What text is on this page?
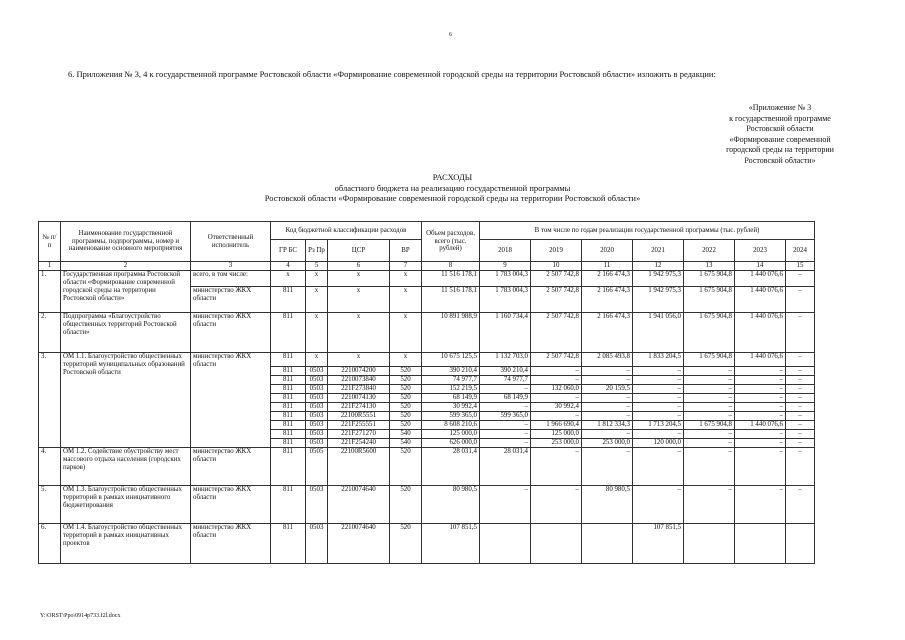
6
6. Приложения № 3, 4 к государственной программе Ростовской области «Формирование современной городской среды на территории Ростовской области» изложить в редакции:
«Приложение № 3
к государственной программе
Ростовской области
«Формирование современной
городской среды на территории
Ростовской области»
РАСХОДЫ
областного бюджета на реализацию государственной программы
Ростовской области «Формирование современной городской среды на территории Ростовской области»
№ п/п	Наименование государственной программы, подпрограммы, номер и наименование основного мероприятия	Ответственный исполнитель	Код бюджетной классификации расходов				Объем расходов, всего (тыс. рублей)	В том числе по годам реализации государственной программы (тыс. рублей)						
			ГР БС	Рз Пр	ЦСР	ВР		2018	2019	2020	2021	2022	2023	2024
1	2	3	4	5	6	7	8	9	10	11	12	13	14	15
1.	Государственная программа Ростовской области «Формирование современной городской среды на территории Ростовской области»	всего, в том числе:	х	х	х	х	11 516 178,1	1 783 004,3	2 507 742,8	2 166 474,3	1 942 975,3	1 675 904,8	1 440 076,6	–
		министерство ЖКХ области	811	х	х	х	11 516 178,1	1 783 004,3	2 507 742,8	2 166 474,3	1 942 975,3	1 675 904,8	1 440 076,6	–
2.	Подпрограмма «Благоустройство общественных территорий Ростовской области»	министерство ЖКХ области	811	х	х	х	10 891 988,9	1 160 734,4	2 507 742,8	2 166 474,3	1 941 056,0	1 675 904,8	1 440 076,6	–
3.	ОМ 1.1. Благоустройство общественных территорий муниципальных образований Ростовской области	министерство ЖКХ области	811	х	х	х	10 675 125,5	1 132 703,0	2 507 742,8	2 085 493,8	1 833 204,5	1 675 904,8	1 440 076,6	–
			811	0503	2210074200	520	390 210,4	390 210,4	–	–	–	–	–	–
			811	0503	2210073840	520	74 977,7	74 977,7	–	–	–	–	–	–
			811	0503	221F273840	520	152 219,5	–	132 060,0	20 159,5	–	–	–	–
			811	0503	2210074130	520	68 149,9	68 149,9	–	–	–	–	–	–
			811	0503	221F274130	520	30 992,4	–	30 992,4	–	–	–	–	–
			811	0503	22100R5551	520	599 365,0	599 365,0	–	–	–	–	–	–
			811	0503	221F255551	520	8 608 210,6	–	1 966 690,4	1 812 334,3	1 713 204,5	1 675 904,8	1 440 076,6	–
			811	0503	221F271270	540	125 000,0	–	125 000,0	–	–	–	–	–
			811	0503	221F254240	540	626 000,0	–	253 000,0	253 000,0	120 000,0	–	–	–
4.	ОМ 1.2. Содействие обустройству мест массового отдыха населения (городских парков)	министерство ЖКХ области	811	0505	22100R5600	520	28 031,4	28 031,4	–	–	–	–	–	–
5.	ОМ 1.3. Благоустройство общественных территорий в рамках инициативного бюджетирования	министерство ЖКХ области	811	0503	2210074640	520	80 980,5	–	–	80 980,5	–	–	–	–
6.	ОМ 1.4. Благоустройство общественных территорий в рамках инициативных проектов	министерство ЖКХ области	811	0503	2210074640	520	107 851,5				107 851,5			
Y:\ORST\Ppo\0914p733.f2l.docx
